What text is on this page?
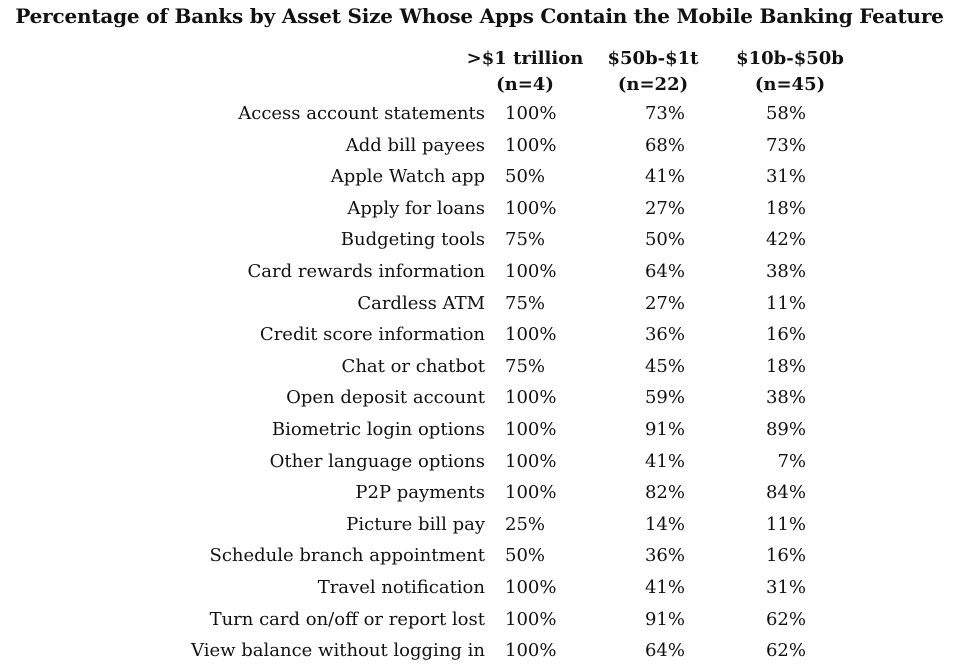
Percentage of Banks by Asset Size Whose Apps Contain the Mobile Banking Feature
>$1 trillion
(n=4)
$50b-$1t
(n=22)
$10b-$50b
(n=45)
Access account statements 100%	73%	58%
Add bill payees 100%	68%	73%
Apple Watch app 50%	41%	31%
Apply for loans 100%	27%	18%
Budgeting tools 75%	50%	42%
Card rewards information 100%	64%	38%
Cardless ATM 75%	27%	11%
Credit score information 100%	36%	16%
Chat or chatbot 75%	45%	18%
Open deposit account 100%	59%	38%
Biometric login options 100%	91%	89%
Other language options 100%	41%	7%
P2P payments 100%	82%	84%
Picture bill pay 25%	14%	11%
Schedule branch appointment 50%	36%	16%
Travel notification 100%	41%	31%
Turn card on/off or report lost 100%	91%	62%
View balance without logging in 100%	64%	62%
